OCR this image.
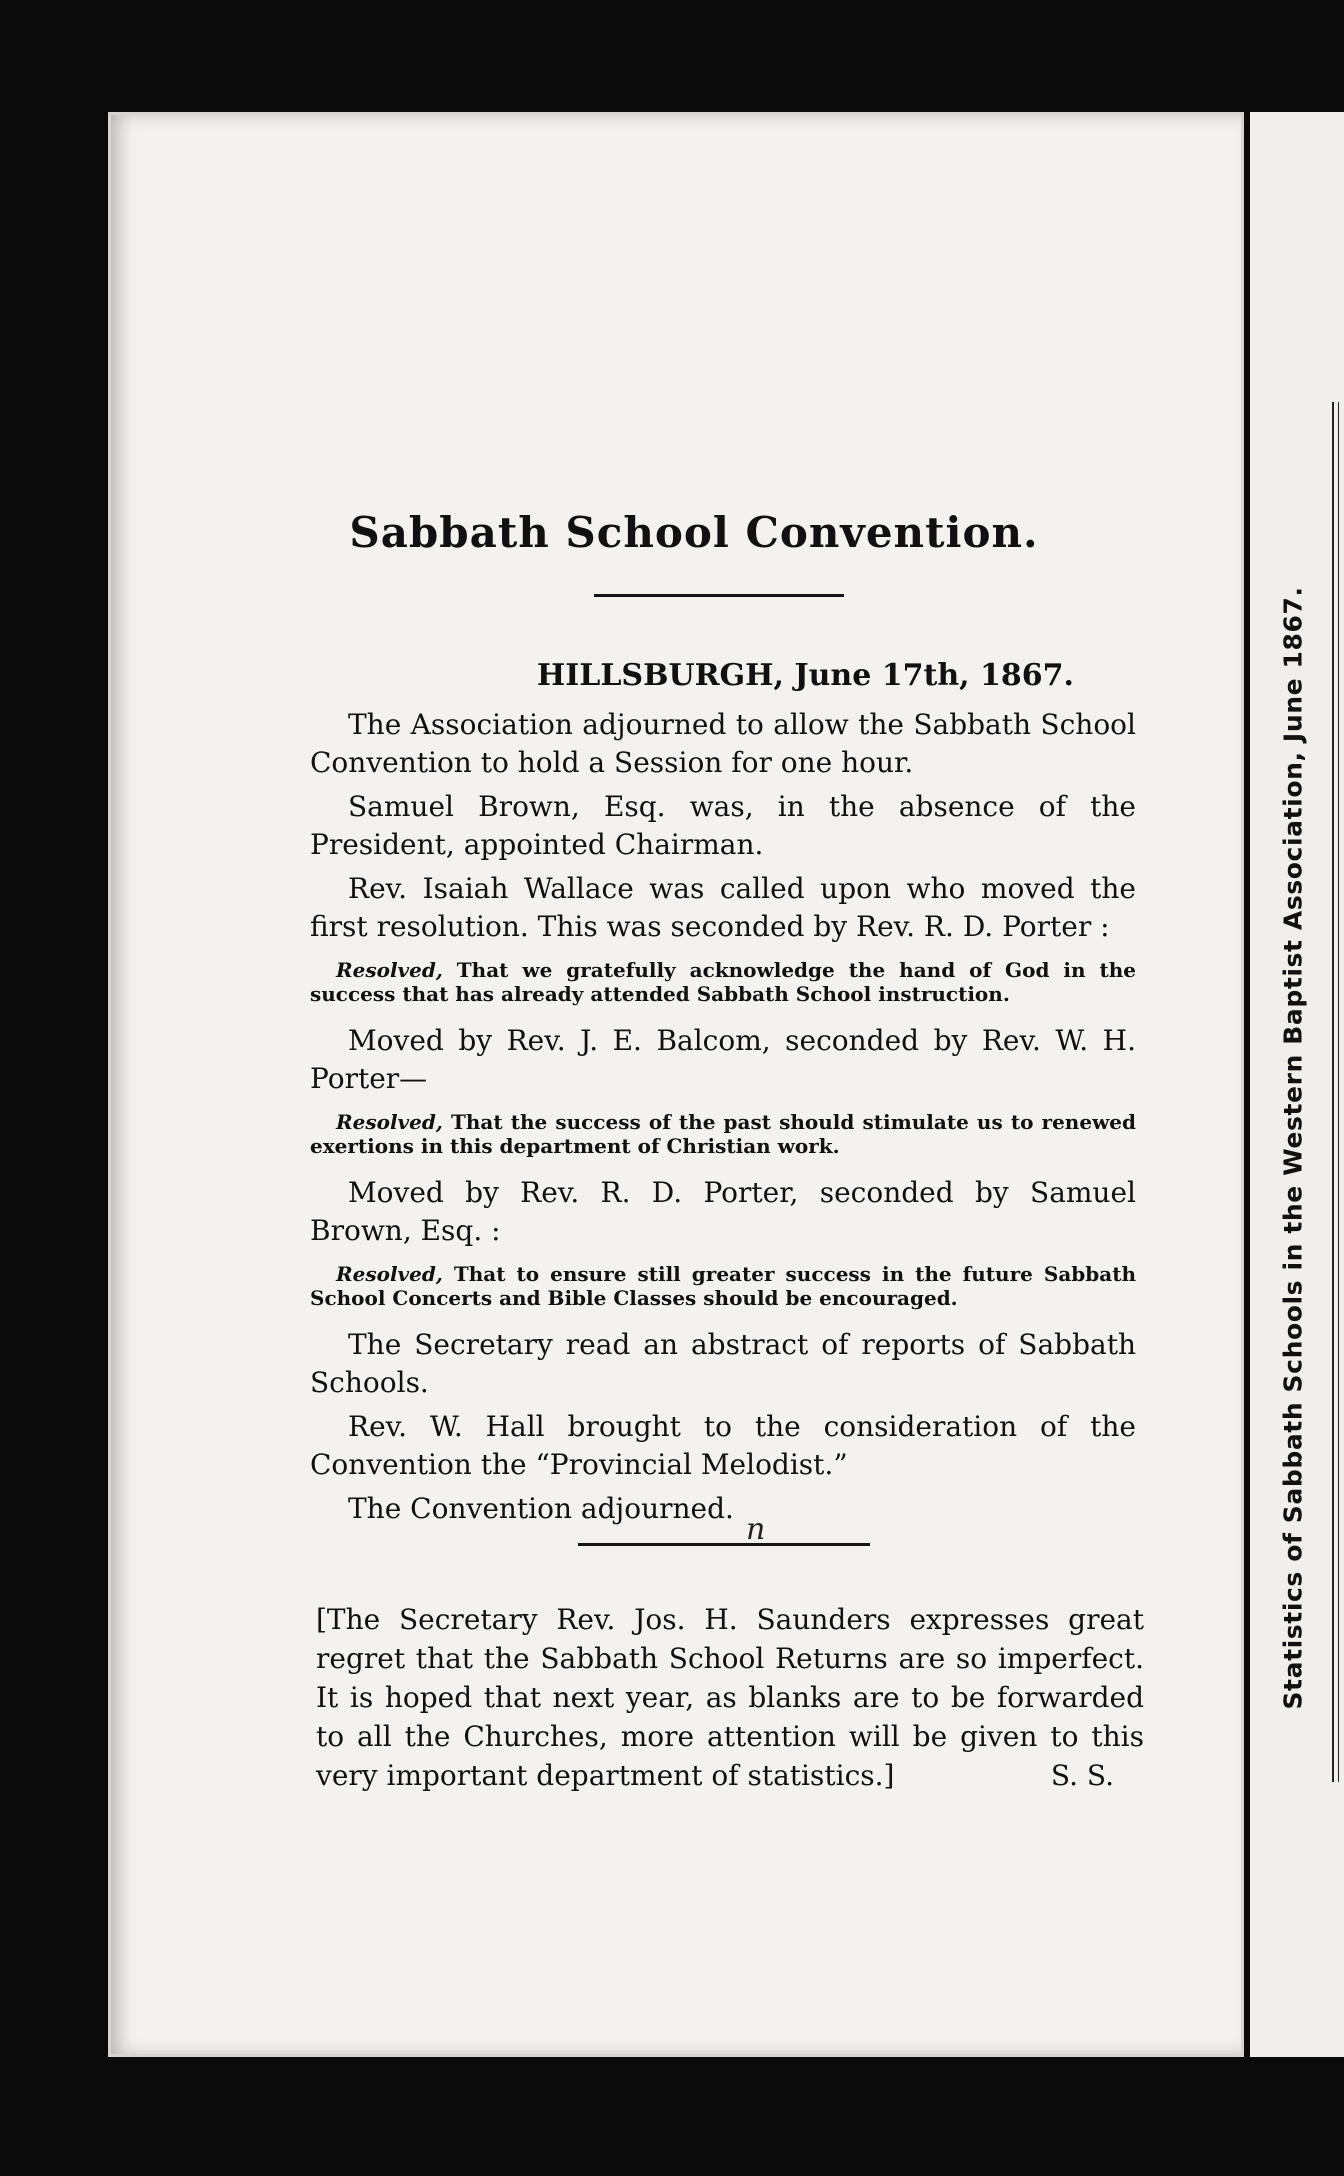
Statistics of Sabbath Schools in the Western Baptist Association, June 1867.
Sabbath School Convention.
HILLSBURGH, June 17th, 1867.

The Association adjourned to allow the Sabbath School Convention to hold a Session for one hour.

Samuel Brown, Esq. was, in the absence of the President, appointed Chairman.

Rev. Isaiah Wallace was called upon who moved the first resolution. This was seconded by Rev. R. D. Porter :

Resolved, That we gratefully acknowledge the hand of God in the success that has already attended Sabbath School instruction.

Moved by Rev. J. E. Balcom, seconded by Rev. W. H. Porter—

Resolved, That the success of the past should stimulate us to renewed exertions in this department of Christian work.

Moved by Rev. R. D. Porter, seconded by Samuel Brown, Esq. :

Resolved, That to ensure still greater success in the future Sabbath School Concerts and Bible Classes should be encouraged.

The Secretary read an abstract of reports of Sabbath Schools.

Rev. W. Hall brought to the consideration of the Convention the “Provincial Melodist.”

The Convention adjourned.

n
[The Secretary Rev. Jos. H. Saunders expresses great regret that the Sabbath School Returns are so imperfect. It is hoped that next year, as blanks are to be forwarded to all the Churches, more attention will be given to this very important department of statistics.]	S. S.
